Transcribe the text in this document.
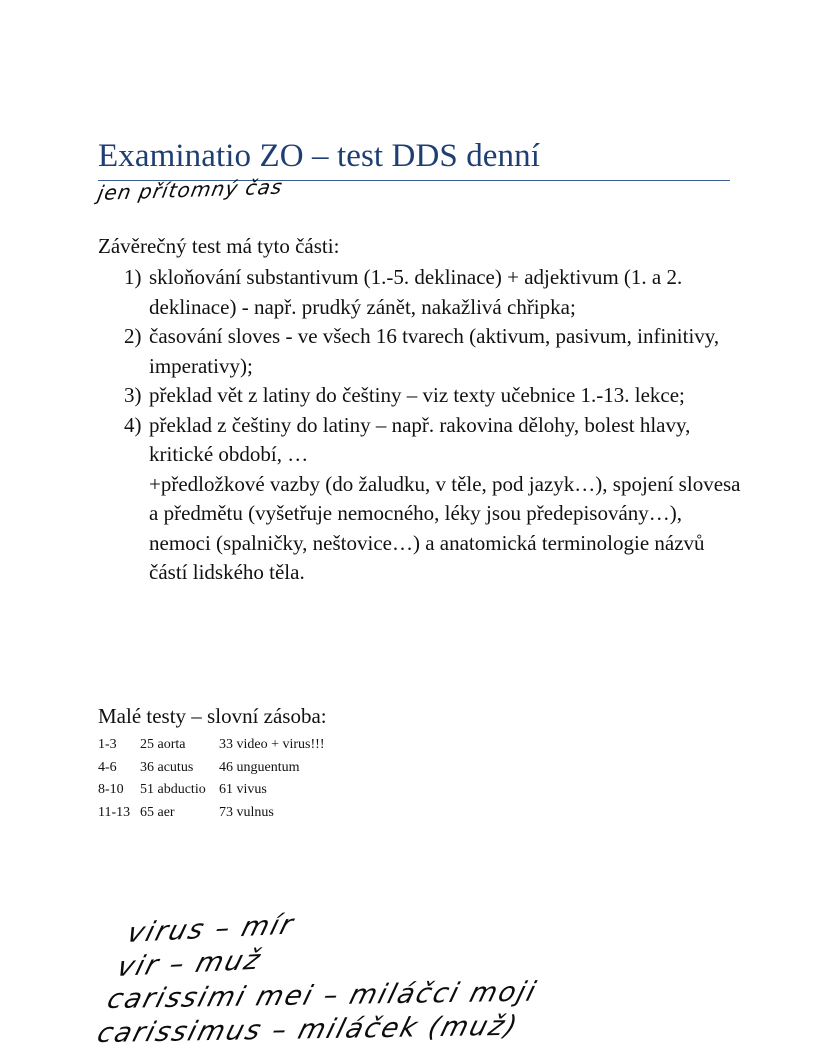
Examinatio ZO – test DDS denní
jen přítomný čas
Závěrečný test má tyto části:
1) skloňování substantivum (1.-5. deklinace) + adjektivum (1. a 2. deklinace) - např. prudký zánět, nakažlivá chřipka;
2) časování sloves - ve všech 16 tvarech (aktivum, pasivum, infinitivy, imperativy);
3) překlad vět z latiny do češtiny – viz texty učebnice 1.-13. lekce;
4) překlad z češtiny do latiny – např. rakovina dělohy, bolest hlavy, kritické období, …
+předložkové vazby (do žaludku, v těle, pod jazyk…), spojení slovesa a předmětu (vyšetřuje nemocného, léky jsou předepisovány…), nemoci (spalničky, neštovice…) a anatomická terminologie názvů částí lidského těla.
Malé testy – slovní zásoba:
1-3	25 aorta	33 video + virus!!!
4-6	36 acutus	46 unguentum
8-10	51 abductio	61 vivus
11-13	65 aer	73 vulnus
virus – mír
vir – muž
carissimi mei – miláčci moji
carissimus – miláček (muž)
